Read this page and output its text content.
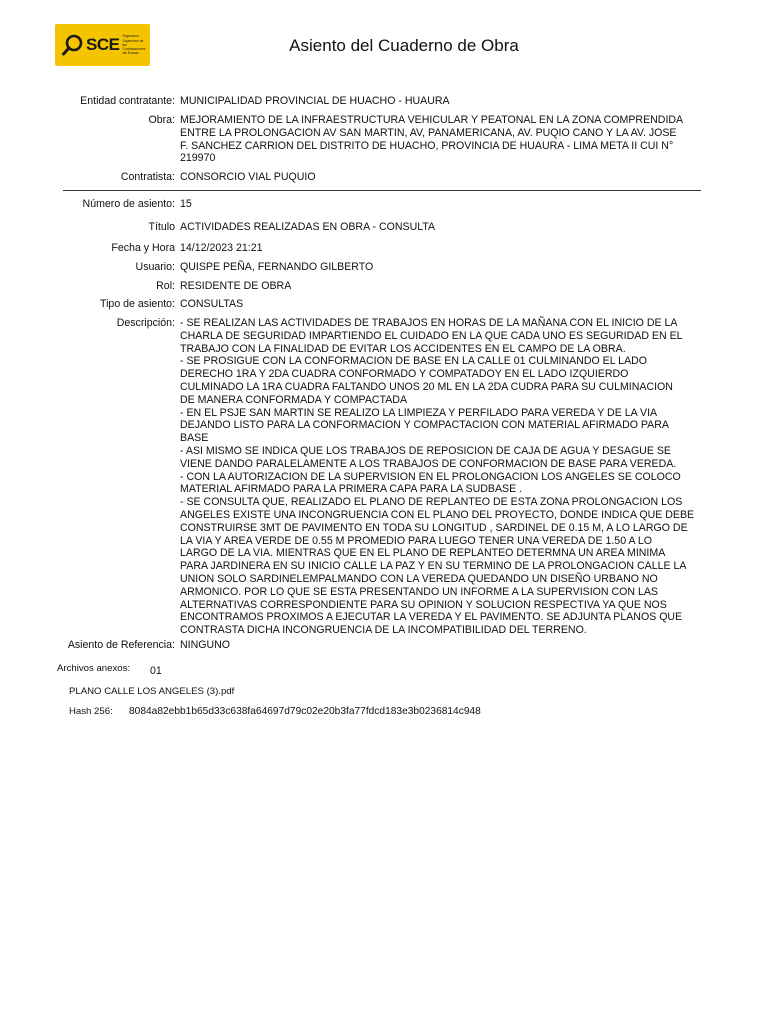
SCE Organismo Supervisor de las Contrataciones del Estado	Asiento del Cuaderno de Obra
Entidad contratante: MUNICIPALIDAD PROVINCIAL DE HUACHO - HUAURA
Obra: MEJORAMIENTO DE LA INFRAESTRUCTURA VEHICULAR Y PEATONAL EN LA ZONA COMPRENDIDA
ENTRE LA PROLONGACION AV SAN MARTIN, AV, PANAMERICANA, AV. PUQIO CANO Y LA AV. JOSE
F. SANCHEZ CARRION DEL DISTRITO DE HUACHO, PROVINCIA DE HUAURA - LIMA META II CUI N°
219970
Contratista: CONSORCIO VIAL PUQUIO
Número de asiento: 15
Título ACTIVIDADES REALIZADAS EN OBRA - CONSULTA
Fecha y Hora 14/12/2023 21:21
Usuario: QUISPE PEÑA, FERNANDO GILBERTO
Rol: RESIDENTE DE OBRA
Tipo de asiento: CONSULTAS
Descripción: - SE REALIZAN LAS ACTIVIDADES DE TRABAJOS EN HORAS DE LA MAÑANA CON EL INICIO DE LA
CHARLA DE SEGURIDAD IMPARTIENDO EL CUIDADO EN LA QUE CADA UNO ES SEGURIDAD EN EL
TRABAJO CON LA FINALIDAD DE EVITAR LOS ACCIDENTES EN EL CAMPO DE LA OBRA.
- SE PROSIGUE CON LA CONFORMACION DE BASE EN LA CALLE 01 CULMINANDO EL LADO
DERECHO 1RA Y 2DA CUADRA CONFORMADO Y COMPATADOY EN EL LADO IZQUIERDO
CULMINADO LA 1RA CUADRA FALTANDO UNOS 20 ML EN LA 2DA CUDRA PARA SU CULMINACION
DE MANERA CONFORMADA Y COMPACTADA
- EN EL PSJE SAN MARTIN SE REALIZO LA LIMPIEZA Y PERFILADO PARA VEREDA Y DE LA VIA
DEJANDO LISTO PARA LA CONFORMACION Y COMPACTACION CON MATERIAL AFIRMADO PARA
BASE
- ASI MISMO SE INDICA QUE LOS TRABAJOS DE REPOSICION DE CAJA DE AGUA Y DESAGUE SE
VIENE DANDO PARALELAMENTE A LOS TRABAJOS DE CONFORMACION DE BASE PARA VEREDA.
- CON LA AUTORIZACION DE LA SUPERVISION EN EL PROLONGACION LOS ANGELES SE COLOCO
MATERIAL AFIRMADO PARA LA PRIMERA CAPA PARA LA SUDBASE .
- SE CONSULTA QUE, REALIZADO EL PLANO DE REPLANTEO DE ESTA ZONA PROLONGACION LOS
ANGELES EXISTE UNA INCONGRUENCIA CON EL PLANO DEL PROYECTO, DONDE INDICA QUE DEBE
CONSTRUIRSE 3MT DE PAVIMENTO EN TODA SU LONGITUD , SARDINEL DE 0.15 M, A LO LARGO DE
LA VIA Y AREA VERDE DE 0.55 M PROMEDIO PARA LUEGO TENER UNA VEREDA DE 1.50 A LO
LARGO DE LA VIA. MIENTRAS QUE EN EL PLANO DE REPLANTEO DETERMNA UN AREA MINIMA
PARA JARDINERA EN SU INICIO CALLE LA PAZ Y EN SU TERMINO DE LA PROLONGACION CALLE LA
UNION SOLO SARDINELEMPALMANDO CON LA VEREDA QUEDANDO UN DISEÑO URBANO NO
ARMONICO. POR LO QUE SE ESTA PRESENTANDO UN INFORME A LA SUPERVISION CON LAS
ALTERNATIVAS CORRESPONDIENTE PARA SU OPINION Y SOLUCION RESPECTIVA YA QUE NOS
ENCONTRAMOS PROXIMOS A EJECUTAR LA VEREDA Y EL PAVIMENTO. SE ADJUNTA PLANOS QUE
CONTRASTA DICHA INCONGRUENCIA DE LA INCOMPATIBILIDAD DEL TERRENO.
Asiento de Referencia: NINGUNO
Archivos anexos: 01
PLANO CALLE LOS ANGELES (3).pdf
Hash 256: 8084a82ebb1b65d33c638fa64697d79c02e20b3fa77fdcd183e3b0236814c948
